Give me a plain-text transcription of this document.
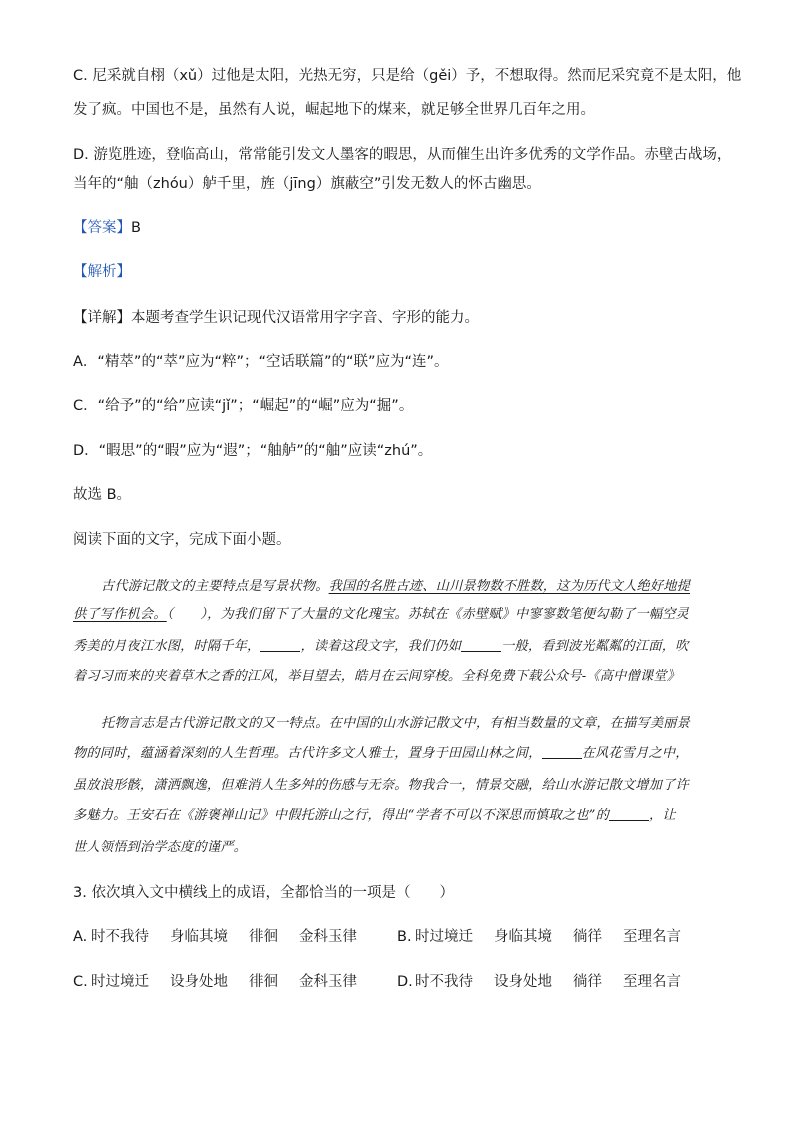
C. 尼采就自栩（xǔ）过他是太阳，光热无穷，只是给（gěi）予，不想取得。然而尼采究竟不是太阳，他
发了疯。中国也不是，虽然有人说，崛起地下的煤来，就足够全世界几百年之用。
D. 游览胜迹，登临高山，常常能引发文人墨客的暇思，从而催生出许多优秀的文学作品。赤壁古战场，
当年的“舳（zhóu）舻千里，旌（jīng）旗蔽空”引发无数人的怀古幽思。
【答案】B
【解析】
【详解】本题考查学生识记现代汉语常用字字音、字形的能力。
A．“精萃”的“萃”应为“粹”；“空话联篇”的“联”应为“连”。
C．“给予”的“给”应读“jǐ”；“崛起”的“崛”应为“掘”。
D．“暇思”的“暇”应为“遐”；“舳舻”的“舳”应读“zhú”。
故选 B。
阅读下面的文字，完成下面小题。
古代游记散文的主要特点是写景状物。我国的名胜古迹、山川景物数不胜数，这为历代文人绝好地提
供了写作机会。（　　），为我们留下了大量的文化瑰宝。苏轼在《赤壁赋》中寥寥数笔便勾勒了一幅空灵
秀美的月夜江水图，时隔千年，	，读着这段文字，我们仍如	一般，看到波光粼粼的江面，吹
着习习而来的夹着草木之香的江风，举目望去，皓月在云间穿梭。全科免费下载公众号-《高中僧课堂》
托物言志是古代游记散文的又一特点。在中国的山水游记散文中，有相当数量的文章，在描写美丽景
物的同时，蕴涵着深刻的人生哲理。古代许多文人雅士，置身于田园山林之间，	在风花雪月之中，
虽放浪形骸，潇洒飘逸，但难消人生多舛的伤感与无奈。物我合一，情景交融，给山水游记散文增加了许
多魅力。王安石在《游褒禅山记》中假托游山之行，得出“学者不可以不深思而慎取之也”的	，让
世人领悟到治学态度的谨严。
3. 依次填入文中横线上的成语，全都恰当的一项是（　　）
A. 时不我待 身临其境 徘徊 金科玉律	B. 时过境迁 身临其境 徜徉 至理名言
C. 时过境迁 设身处地 徘徊 金科玉律	D. 时不我待 设身处地 徜徉 至理名言
